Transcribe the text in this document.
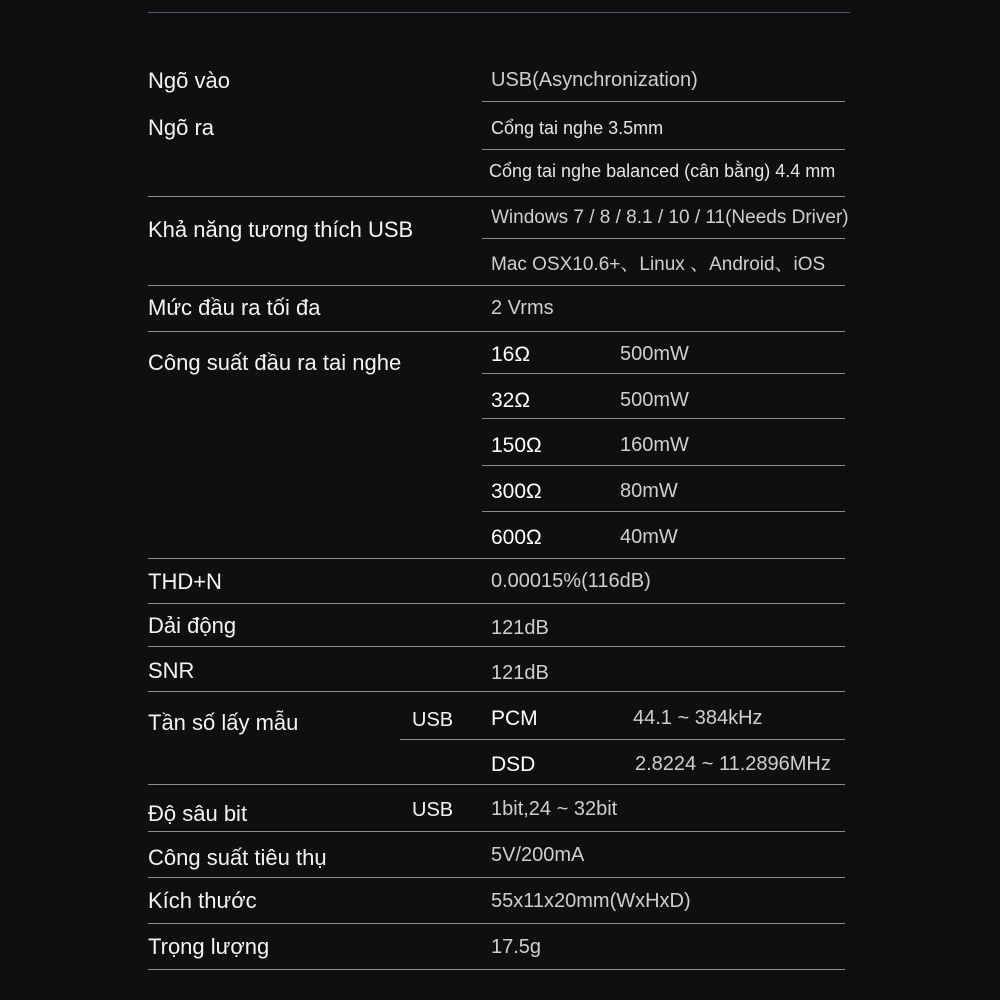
Ngõ vào	USB(Asynchronization)
Ngõ ra	Cổng tai nghe 3.5mm
Cổng tai nghe balanced (cân bằng) 4.4 mm
Khả năng tương thích USB	Windows 7 / 8 / 8.1 / 10 / 11(Needs Driver)
Mac OSX10.6+、Linux 、Android、iOS
Mức đầu ra tối đa	2 Vrms
Công suất đầu ra tai nghe	16Ω	500mW
32Ω	500mW
150Ω	160mW
300Ω	80mW
600Ω	40mW
THD+N	0.00015%(116dB)
Dải động	121dB
SNR	121dB
Tần số lấy mẫu	USB PCM	44.1 ~ 384kHz
DSD	2.8224 ~ 11.2896MHz
Độ sâu bit	USB 1bit,24 ~ 32bit
Công suất tiêu thụ	5V/200mA
Kích thước	55x11x20mm(WxHxD)
Trọng lượng	17.5g
